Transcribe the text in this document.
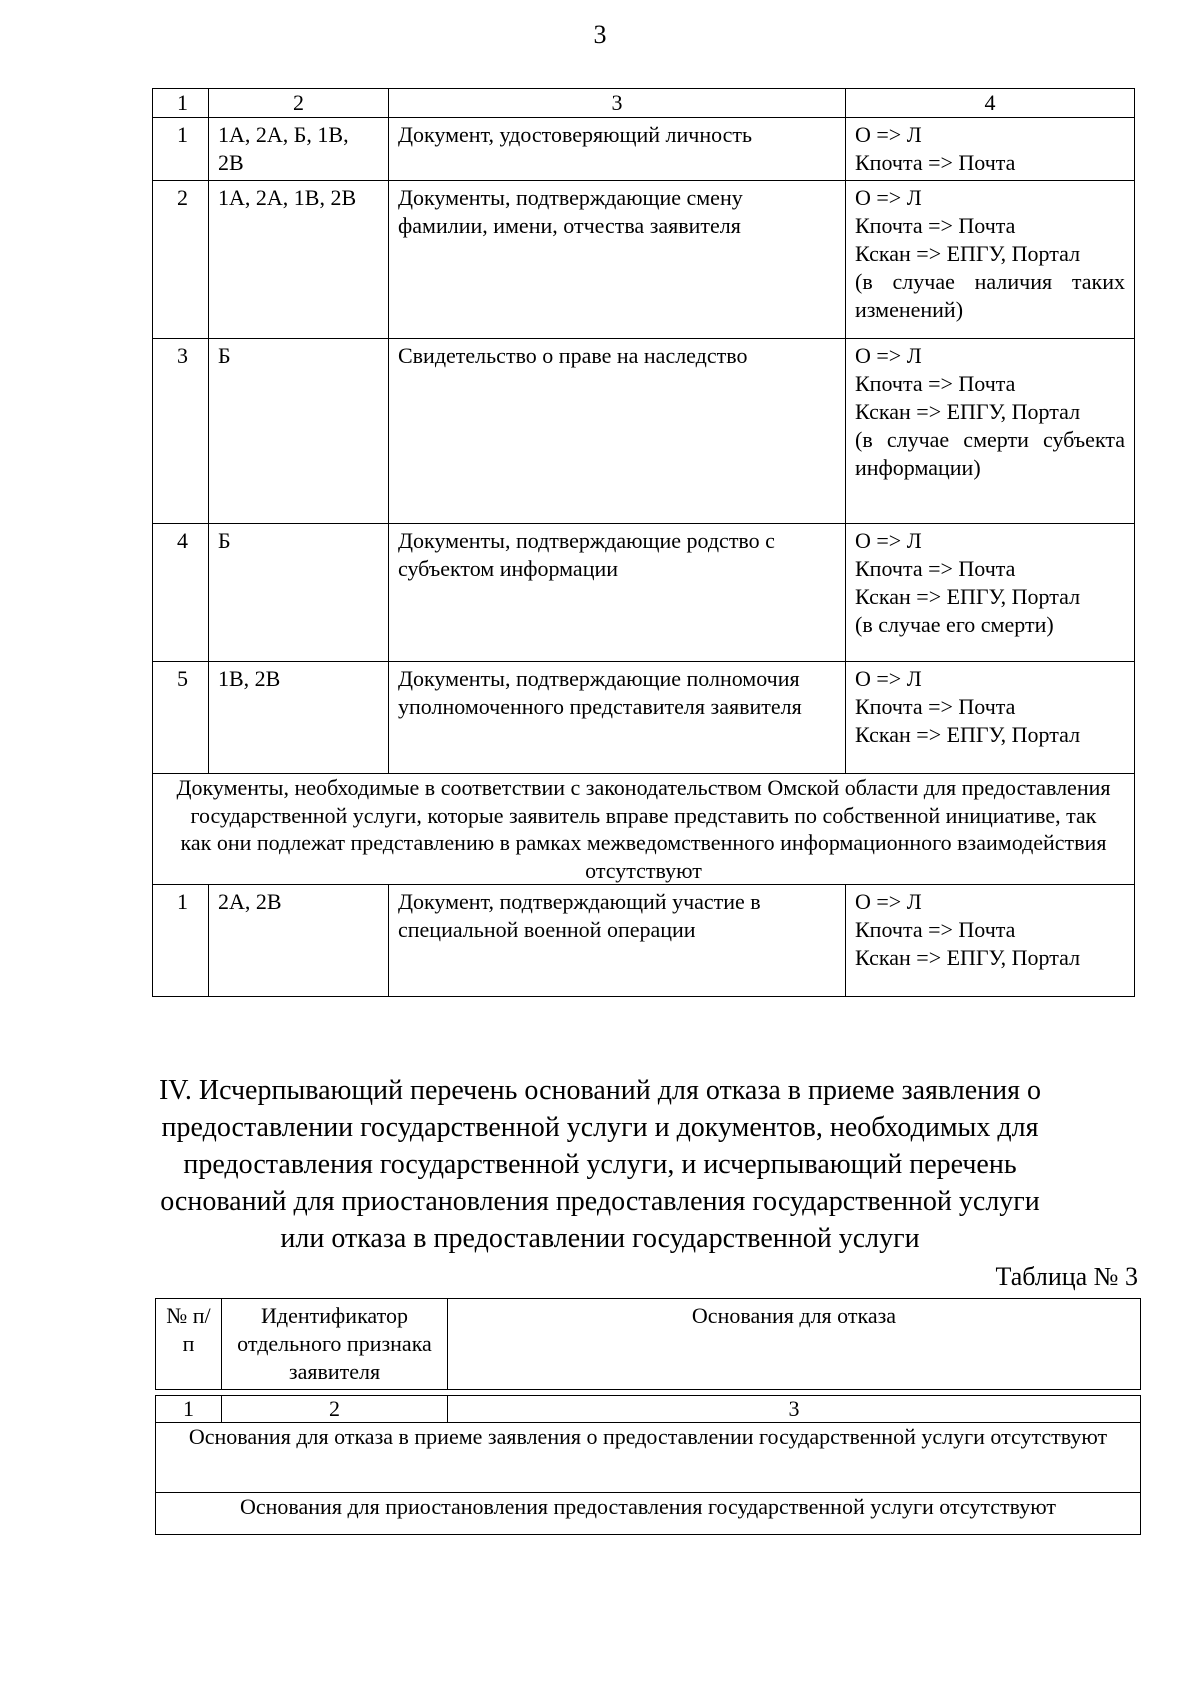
3
1	2	3	4
1	1А, 2А, Б, 1В, 2В	Документ, удостоверяющий личность	О => Л
Кпочта => Почта

2	1А, 2А, 1В, 2В	Документы, подтверждающие смену фамилии, имени, отчества заявителя	О => Л
Кпочта => Почта
Кскан => ЕПГУ, Портал
(в случае наличия таких изменений)

3	Б	Свидетельство о праве на наследство	О => Л
Кпочта => Почта
Кскан => ЕПГУ, Портал
(в случае смерти субъекта информации)

4	Б	Документы, подтверждающие родство с субъектом информации	О => Л
Кпочта => Почта
Кскан => ЕПГУ, Портал
(в случае его смерти)

5	1В, 2В	Документы, подтверждающие полномочия уполномоченного представителя заявителя	О => Л
Кпочта => Почта
Кскан => ЕПГУ, Портал

Документы, необходимые в соответствии с законодательством Омской области для предоставления государственной услуги, которые заявитель вправе представить по собственной инициативе, так как они подлежат представлению в рамках межведомственного информационного взаимодействия отсутствуют			
1	2А, 2В	Документ, подтверждающий участие в специальной военной операции	О => Л
Кпочта => Почта
Кскан => ЕПГУ, Портал
IV. Исчерпывающий перечень оснований для отказа в приеме заявления о предоставлении государственной услуги и документов, необходимых для предоставления государственной услуги, и исчерпывающий перечень оснований для приостановления предоставления государственной услуги или отказа в предоставлении государственной услуги
Таблица № 3
№ п/п	Идентификатор отдельного признака заявителя	Основания для отказа
1	2	3
Основания для отказа в приеме заявления о предоставлении государственной услуги отсутствуют
Основания для приостановления предоставления государственной услуги отсутствуют
